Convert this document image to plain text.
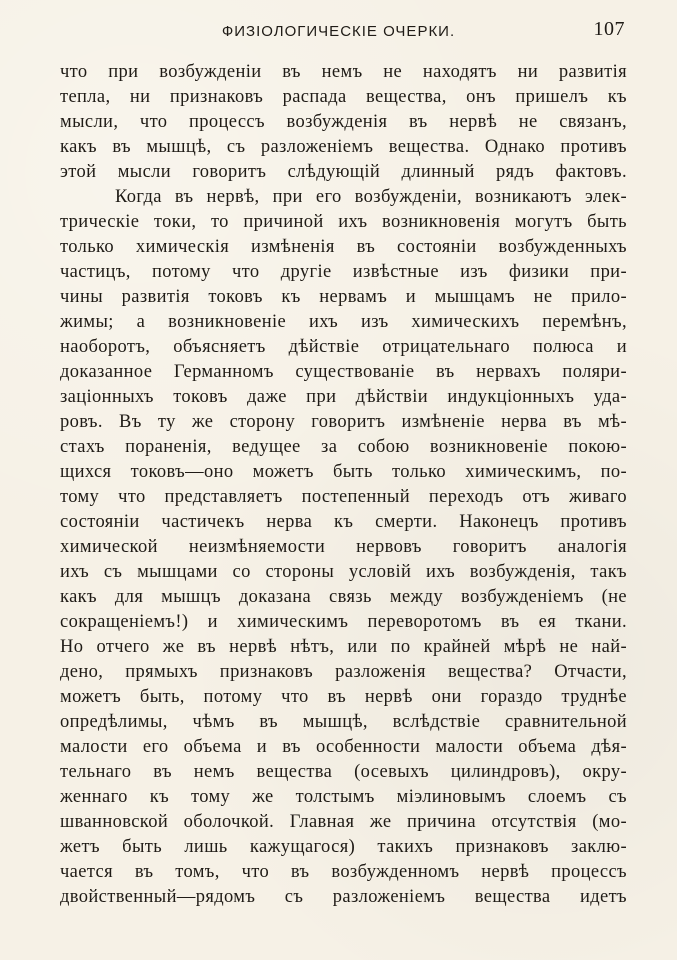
ФИЗІОЛОГИЧЕСКІЕ ОЧЕРКИ.	107
что при возбужденіи въ немъ не находятъ ни развитія
тепла, ни признаковъ распада вещества, онъ пришелъ къ
мысли, что процессъ возбужденія въ нервѣ не связанъ,
какъ въ мышцѣ, съ разложеніемъ вещества. Однако противъ
этой мысли говоритъ слѣдующій длинный рядъ фактовъ.
Когда въ нервѣ, при его возбужденіи, возникаютъ элек-
трическіе токи, то причиной ихъ возникновенія могутъ быть
только химическія измѣненія въ состояніи возбужденныхъ
частицъ, потому что другіе извѣстные изъ физики при-
чины развитія токовъ къ нервамъ и мышцамъ не прило-
жимы; а возникновеніе ихъ изъ химическихъ перемѣнъ,
наоборотъ, объясняетъ дѣйствіе отрицательнаго полюса и
доказанное Германномъ существованіе въ нервахъ поляри-
заціонныхъ токовъ даже при дѣйствіи индукціонныхъ уда-
ровъ. Въ ту же сторону говоритъ измѣненіе нерва въ мѣ-
стахъ пораненія, ведущее за собою возникновеніе покою-
щихся токовъ—оно можетъ быть только химическимъ, по-
тому что представляетъ постепенный переходъ отъ живаго
состояніи частичекъ нерва къ смерти. Наконецъ противъ
химической неизмѣняемости нервовъ говоритъ аналогія
ихъ съ мышцами со стороны условій ихъ возбужденія, такъ
какъ для мышцъ доказана связь между возбужденіемъ (не
сокращеніемъ!) и химическимъ переворотомъ въ ея ткани.
Но отчего же въ нервѣ нѣтъ, или по крайней мѣрѣ не най-
дено, прямыхъ признаковъ разложенія вещества? Отчасти,
можетъ быть, потому что въ нервѣ они гораздо труднѣе
опредѣлимы, чѣмъ въ мышцѣ, вслѣдствіе сравнительной
малости его объема и въ особенности малости объема дѣя-
тельнаго въ немъ вещества (осевыхъ цилиндровъ), окру-
женнаго къ тому же толстымъ міэлиновымъ слоемъ съ
шванновской оболочкой. Главная же причина отсутствія (мо-
жетъ быть лишь кажущагося) такихъ признаковъ заклю-
чается въ томъ, что въ возбужденномъ нервѣ процессъ
двойственный—рядомъ съ разложеніемъ вещества идетъ
